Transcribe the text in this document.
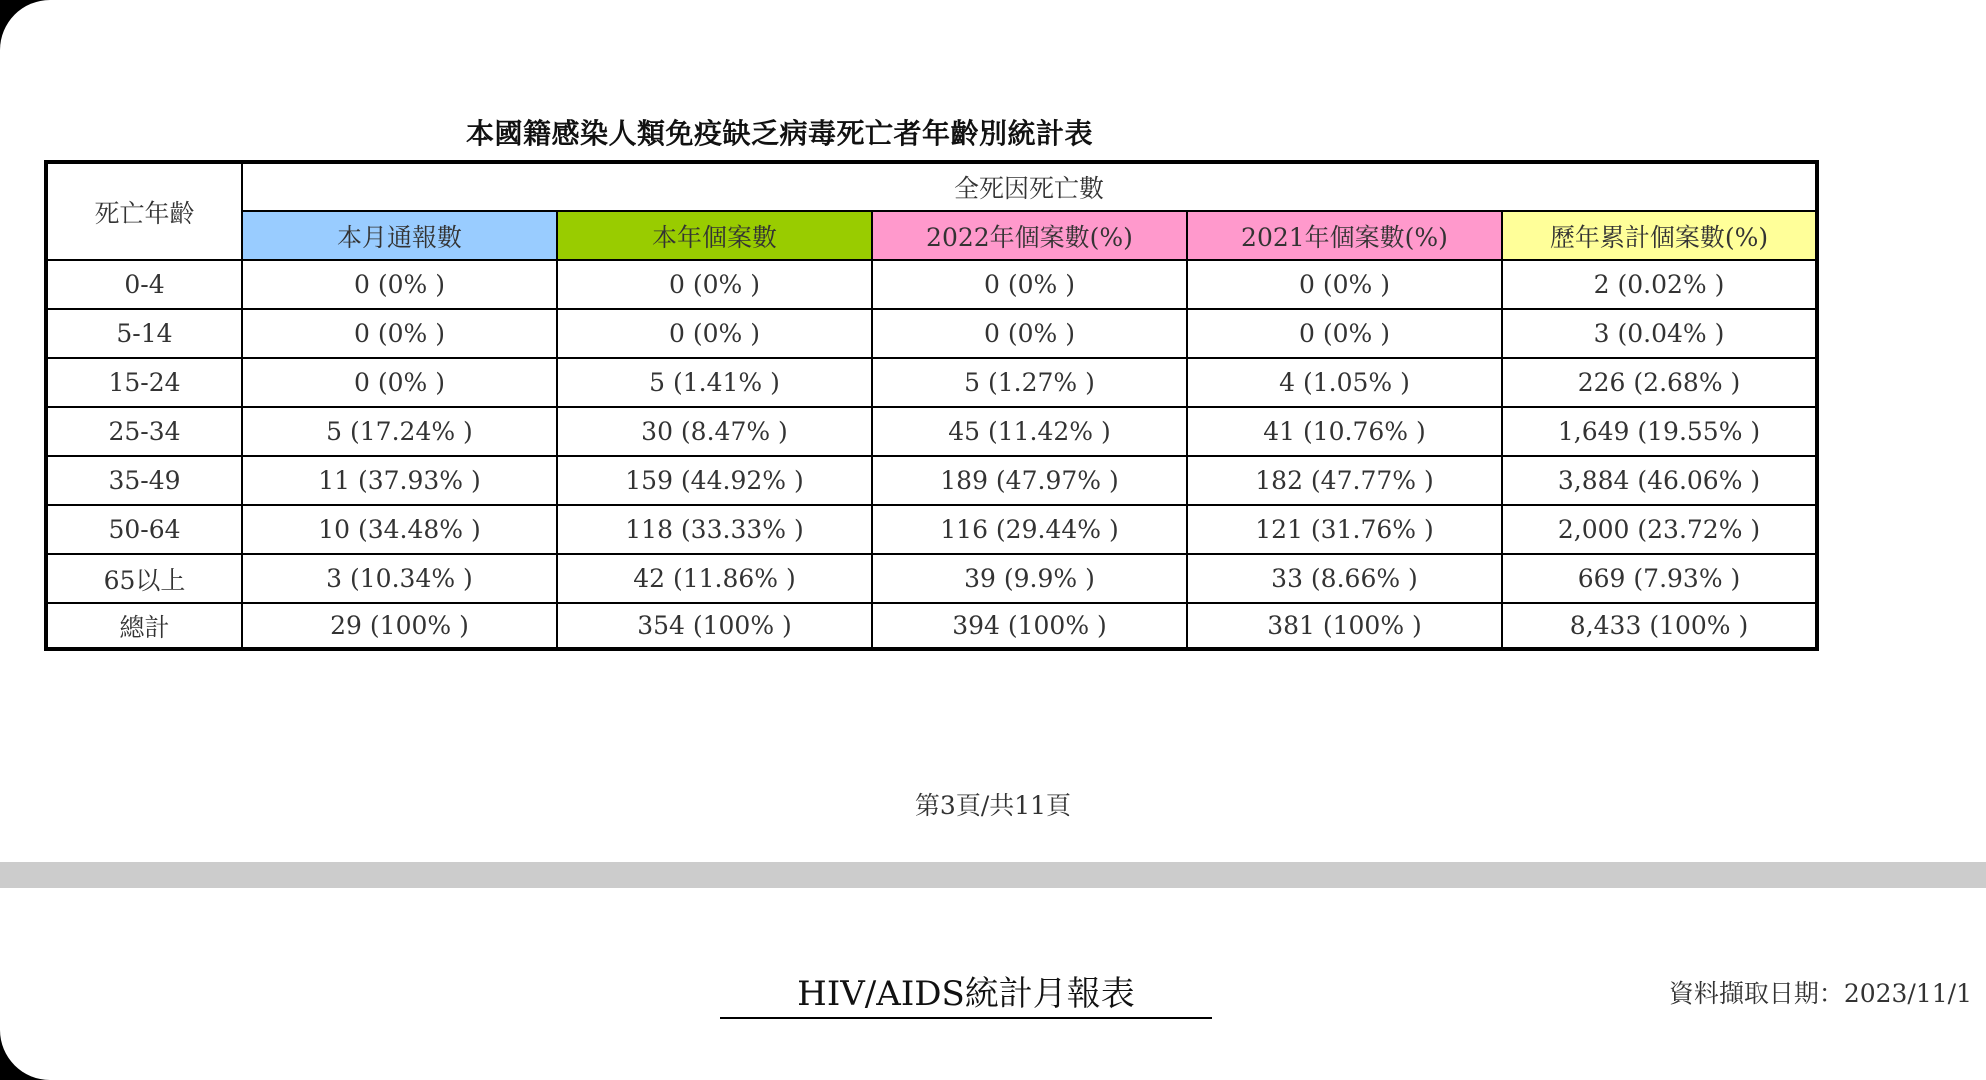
本國籍感染人類免疫缺乏病毒死亡者年齡別統計表
死亡年齡	全死因死亡數				
	本月通報數	本年個案數	2022年個案數(%)	2021年個案數(%)	歷年累計個案數(%)
0-4	0 (0% )	0 (0% )	0 (0% )	0 (0% )	2 (0.02% )
5-14	0 (0% )	0 (0% )	0 (0% )	0 (0% )	3 (0.04% )
15-24	0 (0% )	5 (1.41% )	5 (1.27% )	4 (1.05% )	226 (2.68% )
25-34	5 (17.24% )	30 (8.47% )	45 (11.42% )	41 (10.76% )	1,649 (19.55% )
35-49	11 (37.93% )	159 (44.92% )	189 (47.97% )	182 (47.77% )	3,884 (46.06% )
50-64	10 (34.48% )	118 (33.33% )	116 (29.44% )	121 (31.76% )	2,000 (23.72% )
65以上	3 (10.34% )	42 (11.86% )	39 (9.9% )	33 (8.66% )	669 (7.93% )
總計	29 (100% )	354 (100% )	394 (100% )	381 (100% )	8,433 (100% )
第3頁/共11頁
HIV/AIDS統計月報表	資料擷取日期：2023/11/1
